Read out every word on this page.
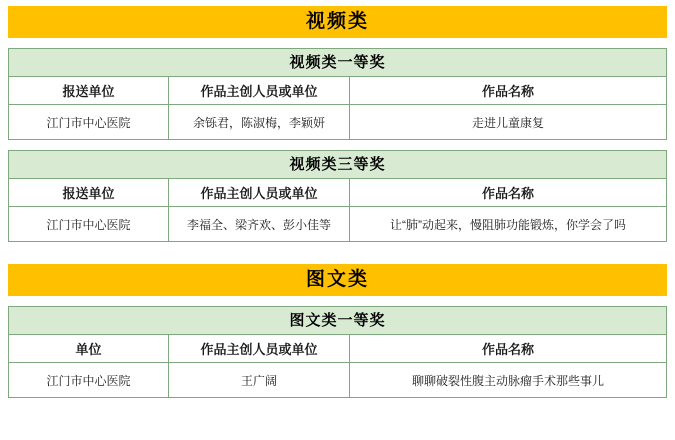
视频类
视频类一等奖
报送单位	作品主创人员或单位	作品名称
江门市中心医院	余铄君，陈淑梅，李颖妍	走进儿童康复
视频类三等奖
报送单位	作品主创人员或单位	作品名称
江门市中心医院	李福全、梁齐欢、彭小佳等	让“肺”动起来，慢阻肺功能锻炼，你学会了吗
图文类
图文类一等奖
单位	作品主创人员或单位	作品名称
江门市中心医院	王广阔	聊聊破裂性腹主动脉瘤手术那些事儿
